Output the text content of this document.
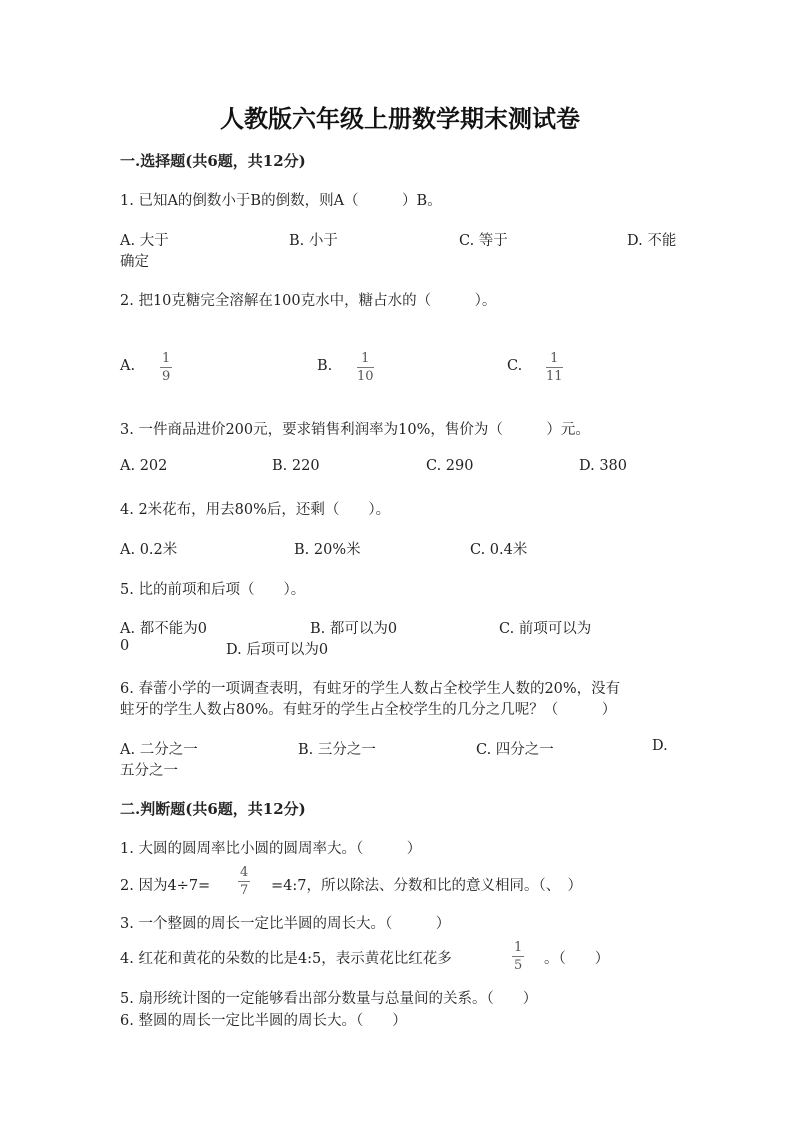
人教版六年级上册数学期末测试卷
一.选择题(共6题，共12分)
1. 已知A的倒数小于B的倒数，则A（　　　）B。
A. 大于	B. 小于	C. 等于	D. 不能
确定
2. 把10克糖完全溶解在100克水中，糖占水的（　　　）。
A. 1
9
B. 1
10
C. 1
11
3. 一件商品进价200元，要求销售利润率为10%，售价为（　　　）元。
A. 202	B. 220	C. 290	D. 380
4. 2米花布，用去80%后，还剩（　　）。
A. 0.2米	B. 20%米	C. 0.4米
5. 比的前项和后项（　　）。
A. 都不能为0	B. 都可以为0	C. 前项可以为
0	D. 后项可以为0
6. 春蕾小学的一项调查表明，有蛀牙的学生人数占全校学生人数的20%，没有
蛀牙的学生人数占80%。有蛀牙的学生占全校学生的几分之几呢？（　　　）
A. 二分之一	B. 三分之一	C. 四分之一	D.
五分之一
二.判断题(共6题，共12分)
1. 大圆的圆周率比小圆的圆周率大。（　　　）
2. 因为4÷7=
4
7 =4:7，所以除法、分数和比的意义相同。（、　）
3. 一个整圆的周长一定比半圆的周长大。（　　　）
4. 红花和黄花的朵数的比是4:5，表示黄花比红花多
1
5 。（　　）
5. 扇形统计图的一定能够看出部分数量与总量间的关系。（　　）
6. 整圆的周长一定比半圆的周长大。（　　）
